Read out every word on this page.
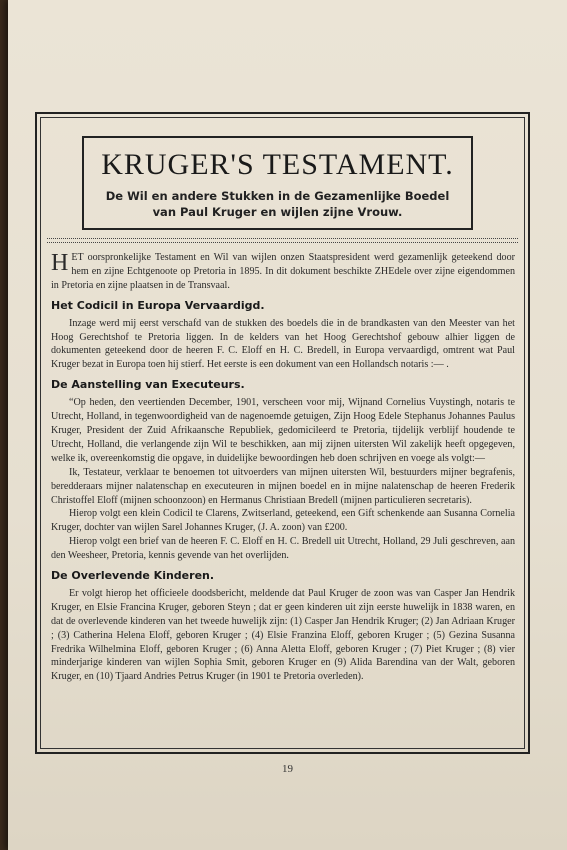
KRUGER'S TESTAMENT.
De Wil en andere Stukken in de Gezamenlijke Boedel
van Paul Kruger en wijlen zijne Vrouw.

HET oorspronkelijke Testament en Wil van wijlen onzen Staatspresident werd gezamenlijk geteekend door hem en zijne Echtgenoote op Pretoria in 1895. In dit dokument beschikte ZHEdele over zijne eigendommen in Pretoria en zijne plaatsen in de Transvaal.

Het Codicil in Europa Vervaardigd.

Inzage werd mij eerst verschafd van de stukken des boedels die in de brandkasten van den Meester van het Hoog Gerechtshof te Pretoria liggen. In de kelders van het Hoog Gerechtshof gebouw alhier liggen de dokumenten geteekend door de heeren F. C. Eloff en H. C. Bredell, in Europa vervaardigd, omtrent wat Paul Kruger bezat in Europa toen hij stierf. Het eerste is een dokument van een Hollandsch notaris :— .

De Aanstelling van Executeurs.

“Op heden, den veertienden December, 1901, verscheen voor mij, Wijnand Cornelius Vuystingh, notaris te Utrecht, Holland, in tegenwoordigheid van de nagenoemde getuigen, Zijn Hoog Edele Stephanus Johannes Paulus Kruger, President der Zuid Afrikaansche Republiek, gedomicileerd te Pretoria, tijdelijk verblijf houdende te Utrecht, Holland, die verlangende zijn Wil te beschikken, aan mij zijnen uitersten Wil zakelijk heeft opgegeven, welke ik, overeenkomstig die opgave, in duidelijke bewoordingen heb doen schrijven en voege als volgt:—

Ik, Testateur, verklaar te benoemen tot uitvoerders van mijnen uitersten Wil, bestuurders mijner begrafenis, beredderaars mijner nalatenschap en executeuren in mijnen boedel en in mijne nalatenschap de heeren Frederik Christoffel Eloff (mijnen schoonzoon) en Hermanus Christiaan Bredell (mijnen particulieren secretaris).

Hierop volgt een klein Codicil te Clarens, Zwitserland, geteekend, een Gift schenkende aan Susanna Cornelia Kruger, dochter van wijlen Sarel Johannes Kruger, (J. A. zoon) van £200.

Hierop volgt een brief van de heeren F. C. Eloff en H. C. Bredell uit Utrecht, Holland, 29 Juli geschreven, aan den Weesheer, Pretoria, kennis gevende van het overlijden.

De Overlevende Kinderen.

Er volgt hierop het officieele doodsbericht, meldende dat Paul Kruger de zoon was van Casper Jan Hendrik Kruger, en Elsie Francina Kruger, geboren Steyn ; dat er geen kinderen uit zijn eerste huwelijk in 1838 waren, en dat de overlevende kinderen van het tweede huwelijk zijn: (1) Casper Jan Hendrik Kruger; (2) Jan Adriaan Kruger ; (3) Catherina Helena Eloff, geboren Kruger ; (4) Elsie Franzina Eloff, geboren Kruger ; (5) Gezina Susanna Fredrika Wilhelmina Eloff, geboren Kruger ; (6) Anna Aletta Eloff, geboren Kruger ; (7) Piet Kruger ; (8) vier minderjarige kinderen van wijlen Sophia Smit, geboren Kruger en (9) Alida Barendina van der Walt, geboren Kruger, en (10) Tjaard Andries Petrus Kruger (in 1901 te Pretoria overleden).

19
